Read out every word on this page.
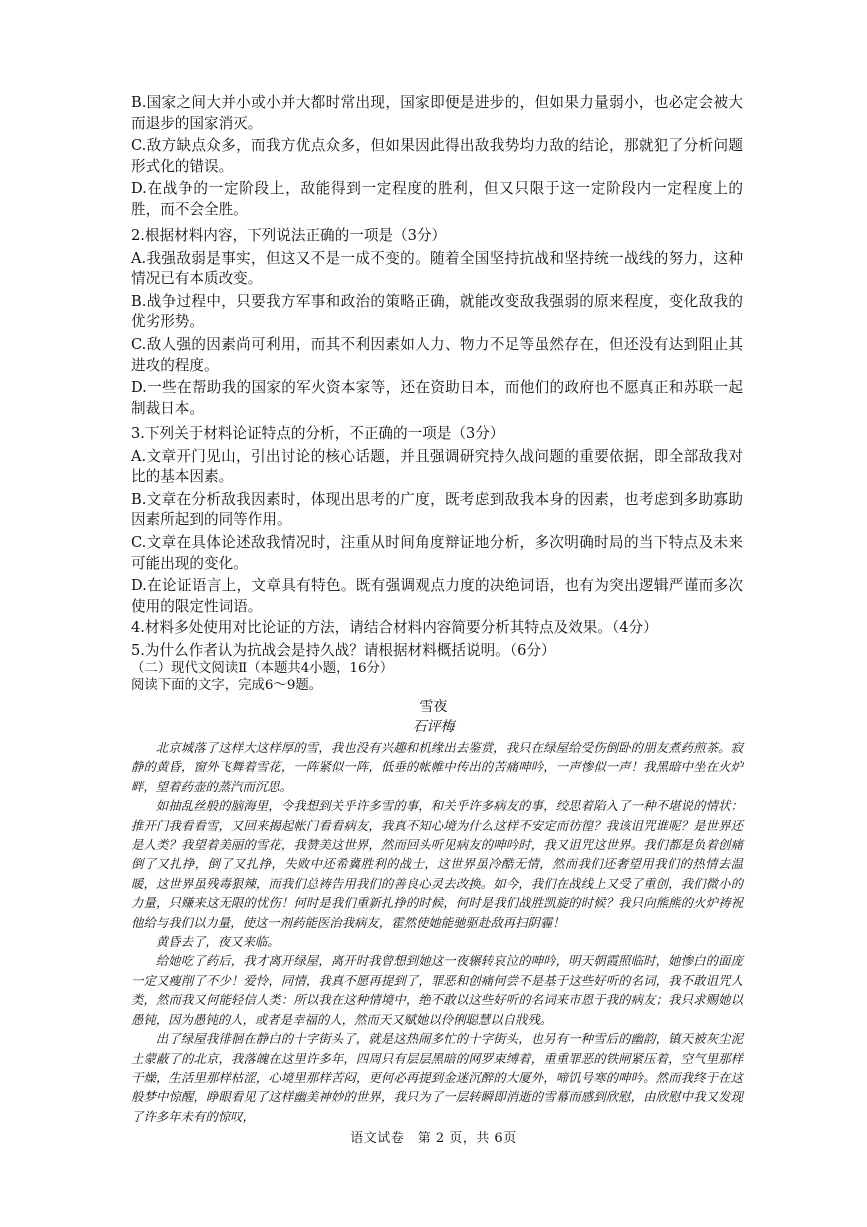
B.国家之间大并小或小并大都时常出现，国家即便是进步的，但如果力量弱小，也必定会被大而退步的国家消灭。

C.敌方缺点众多，而我方优点众多，但如果因此得出敌我势均力敌的结论，那就犯了分析问题形式化的错误。

D.在战争的一定阶段上，敌能得到一定程度的胜利，但又只限于这一定阶段内一定程度上的胜，而不会全胜。

2.根据材料内容，下列说法正确的一项是（3分）

A.我强敌弱是事实，但这又不是一成不变的。随着全国坚持抗战和坚持统一战线的努力，这种情况已有本质改变。

B.战争过程中，只要我方军事和政治的策略正确，就能改变敌我强弱的原来程度，变化敌我的优劣形势。

C.敌人强的因素尚可利用，而其不利因素如人力、物力不足等虽然存在，但还没有达到阻止其进攻的程度。

D.一些在帮助我的国家的军火资本家等，还在资助日本，而他们的政府也不愿真正和苏联一起制裁日本。

3.下列关于材料论证特点的分析，不正确的一项是（3分）

A.文章开门见山，引出讨论的核心话题，并且强调研究持久战问题的重要依据，即全部敌我对比的基本因素。

B.文章在分析敌我因素时，体现出思考的广度，既考虑到敌我本身的因素，也考虑到多助寡助因素所起到的同等作用。

C.文章在具体论述敌我情况时，注重从时间角度辩证地分析，多次明确时局的当下特点及未来可能出现的变化。

D.在论证语言上，文章具有特色。既有强调观点力度的决绝词语，也有为突出逻辑严谨而多次使用的限定性词语。

4.材料多处使用对比论证的方法，请结合材料内容简要分析其特点及效果。（4分）

5.为什么作者认为抗战会是持久战？请根据材料概括说明。（6分）

（二）现代文阅读Ⅱ（本题共4小题，16分）

阅读下面的文字，完成6～9题。

雪夜
石评梅

北京城落了这样大这样厚的雪，我也没有兴趣和机缘出去鉴赏，我只在绿屋给受伤倒卧的朋友煮药煎茶。寂静的黄昏，窗外飞舞着雪花，一阵紧似一阵，低垂的帐帷中传出的苦痛呻吟，一声惨似一声！我黑暗中坐在火炉畔，望着药壶的蒸汽而沉思。

如抽乱丝般的脑海里，令我想到关乎许多雪的事，和关乎许多病友的事，绞思着陷入了一种不堪说的情状：推开门我看看雪，又回来揭起帐门看看病友，我真不知心境为什么这样不安定而彷徨？我该诅咒谁呢？是世界还是人类？我望着美丽的雪花，我赞美这世界，然而回头听见病友的呻吟时，我又诅咒这世界。我们都是负着创痛倒了又扎挣，倒了又扎挣，失败中还希冀胜利的战士，这世界虽冷酷无情，然而我们还奢望用我们的热情去温暖，这世界虽残毒狠辣，而我们总祷告用我们的善良心灵去改换。如今，我们在战线上又受了重创，我们微小的力量，只赚来这无限的忧伤！何时是我们重新扎挣的时候，何时是我们战胜凯旋的时候？我只向熊熊的火炉祷祝他给与我们以力量，使这一剂药能医治我病友，霍然使她能驰驱赴敌再扫阴霾！

黄昏去了，夜又来临。

给她吃了药后，我才离开绿屋，离开时我曾想到她这一夜辗转哀泣的呻吟，明天朝霞照临时，她惨白的面庞一定又瘦削了不少！爱怜，同情，我真不愿再提到了，罪恶和创痛何尝不是基于这些好听的名词，我不敢诅咒人类，然而我又何能轻信人类：所以我在这种情境中，绝不敢以这些好听的名词来市恩于我的病友；我只求赐她以愚钝，因为愚钝的人，或者是幸福的人，然而天又赋她以伶俐聪慧以自戕残。

出了绿屋我徘徊在静白的十字街头了，就是这热闹多忙的十字街头，也另有一种雪后的幽韵，镇天被灰尘泥土蒙蔽了的北京，我落魄在这里许多年，四周只有层层黑暗的网罗束缚着，重重罪恶的铁闸紧压着，空气里那样干燥，生活里那样枯涩，心境里那样苦闷，更何必再提到金迷沉醉的大厦外，啼饥号寒的呻吟。然而我终于在这般梦中惊醒，睁眼看见了这样幽美神妙的世界，我只为了一层转瞬即消逝的雪幕而感到欣慰，由欣慰中我又发现了许多年未有的惊叹，

语文试卷　第 2 页，共 6页
